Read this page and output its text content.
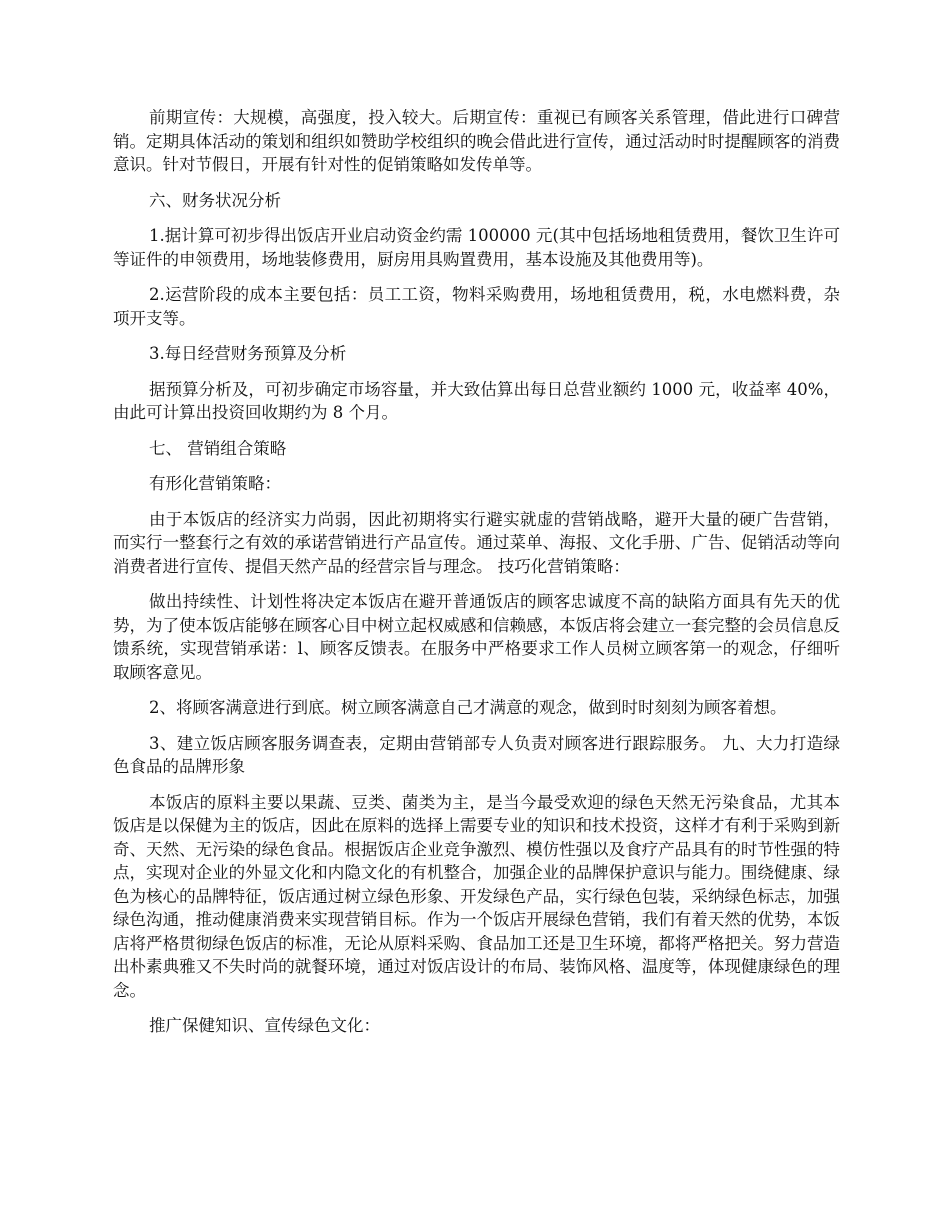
前期宣传：大规模，高强度，投入较大。后期宣传：重视已有顾客关系管理，借此进行口碑营销。定期具体活动的策划和组织如赞助学校组织的晚会借此进行宣传，通过活动时时提醒顾客的消费意识。针对节假日，开展有针对性的促销策略如发传单等。

六、财务状况分析

1.据计算可初步得出饭店开业启动资金约需 100000 元(其中包括场地租赁费用，餐饮卫生许可等证件的申领费用，场地装修费用，厨房用具购置费用，基本设施及其他费用等)。

2.运营阶段的成本主要包括：员工工资，物料采购费用，场地租赁费用，税，水电燃料费，杂项开支等。

3.每日经营财务预算及分析

据预算分析及，可初步确定市场容量，并大致估算出每日总营业额约 1000 元，收益率 40%，由此可计算出投资回收期约为 8 个月。

七、 营销组合策略

有形化营销策略：

由于本饭店的经济实力尚弱，因此初期将实行避实就虚的营销战略，避开大量的硬广告营销，而实行一整套行之有效的承诺营销进行产品宣传。通过菜单、海报、文化手册、广告、促销活动等向消费者进行宣传、提倡天然产品的经营宗旨与理念。 技巧化营销策略：

做出持续性、计划性将决定本饭店在避开普通饭店的顾客忠诚度不高的缺陷方面具有先天的优势，为了使本饭店能够在顾客心目中树立起权威感和信赖感，本饭店将会建立一套完整的会员信息反馈系统，实现营销承诺：l、顾客反馈表。在服务中严格要求工作人员树立顾客第一的观念，仔细听取顾客意见。

2、将顾客满意进行到底。树立顾客满意自己才满意的观念，做到时时刻刻为顾客着想。

3、建立饭店顾客服务调查表，定期由营销部专人负责对顾客进行跟踪服务。 九、大力打造绿色食品的品牌形象

本饭店的原料主要以果蔬、豆类、菌类为主，是当今最受欢迎的绿色天然无污染食品，尤其本饭店是以保健为主的饭店，因此在原料的选择上需要专业的知识和技术投资，这样才有利于采购到新奇、天然、无污染的绿色食品。根据饭店企业竞争激烈、模仿性强以及食疗产品具有的时节性强的特点，实现对企业的外显文化和内隐文化的有机整合，加强企业的品牌保护意识与能力。围绕健康、绿色为核心的品牌特征，饭店通过树立绿色形象、开发绿色产品，实行绿色包装，采纳绿色标志，加强绿色沟通，推动健康消费来实现营销目标。作为一个饭店开展绿色营销，我们有着天然的优势，本饭店将严格贯彻绿色饭店的标准，无论从原料采购、食品加工还是卫生环境，都将严格把关。努力营造出朴素典雅又不失时尚的就餐环境，通过对饭店设计的布局、装饰风格、温度等，体现健康绿色的理念。

推广保健知识、宣传绿色文化：
